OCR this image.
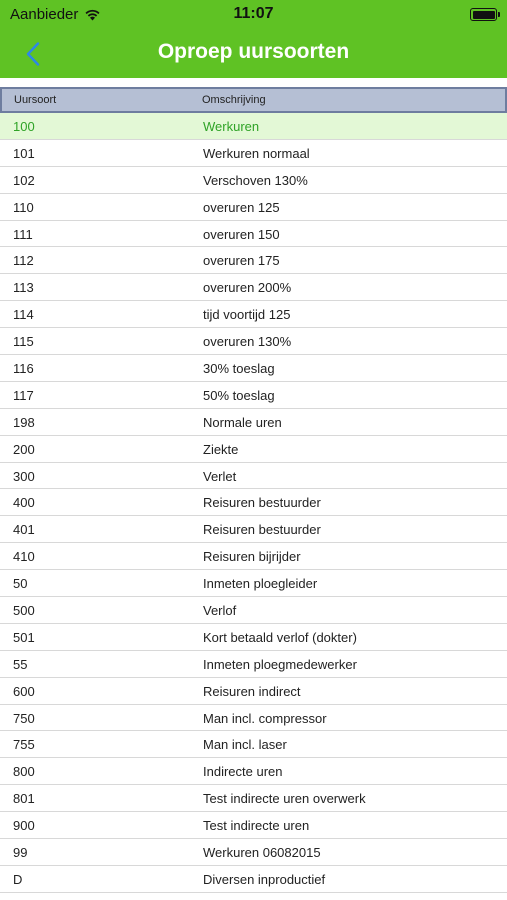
Aanbieder	11:07
Oproep uursoorten
Uursoort	Omschrijving
100	Werkuren
101	Werkuren normaal
102	Verschoven 130%
110	overuren 125
111	overuren 150
112	overuren 175
113	overuren 200%
114	tijd voortijd 125
115	overuren 130%
116	30% toeslag
117	50% toeslag
198	Normale uren
200	Ziekte
300	Verlet
400	Reisuren bestuurder
401	Reisuren bestuurder
410	Reisuren bijrijder
50	Inmeten ploegleider
500	Verlof
501	Kort betaald verlof (dokter)
55	Inmeten ploegmedewerker
600	Reisuren indirect
750	Man incl. compressor
755	Man incl. laser
800	Indirecte uren
801	Test indirecte uren overwerk
900	Test indirecte uren
99	Werkuren 06082015
D	Diversen inproductief
